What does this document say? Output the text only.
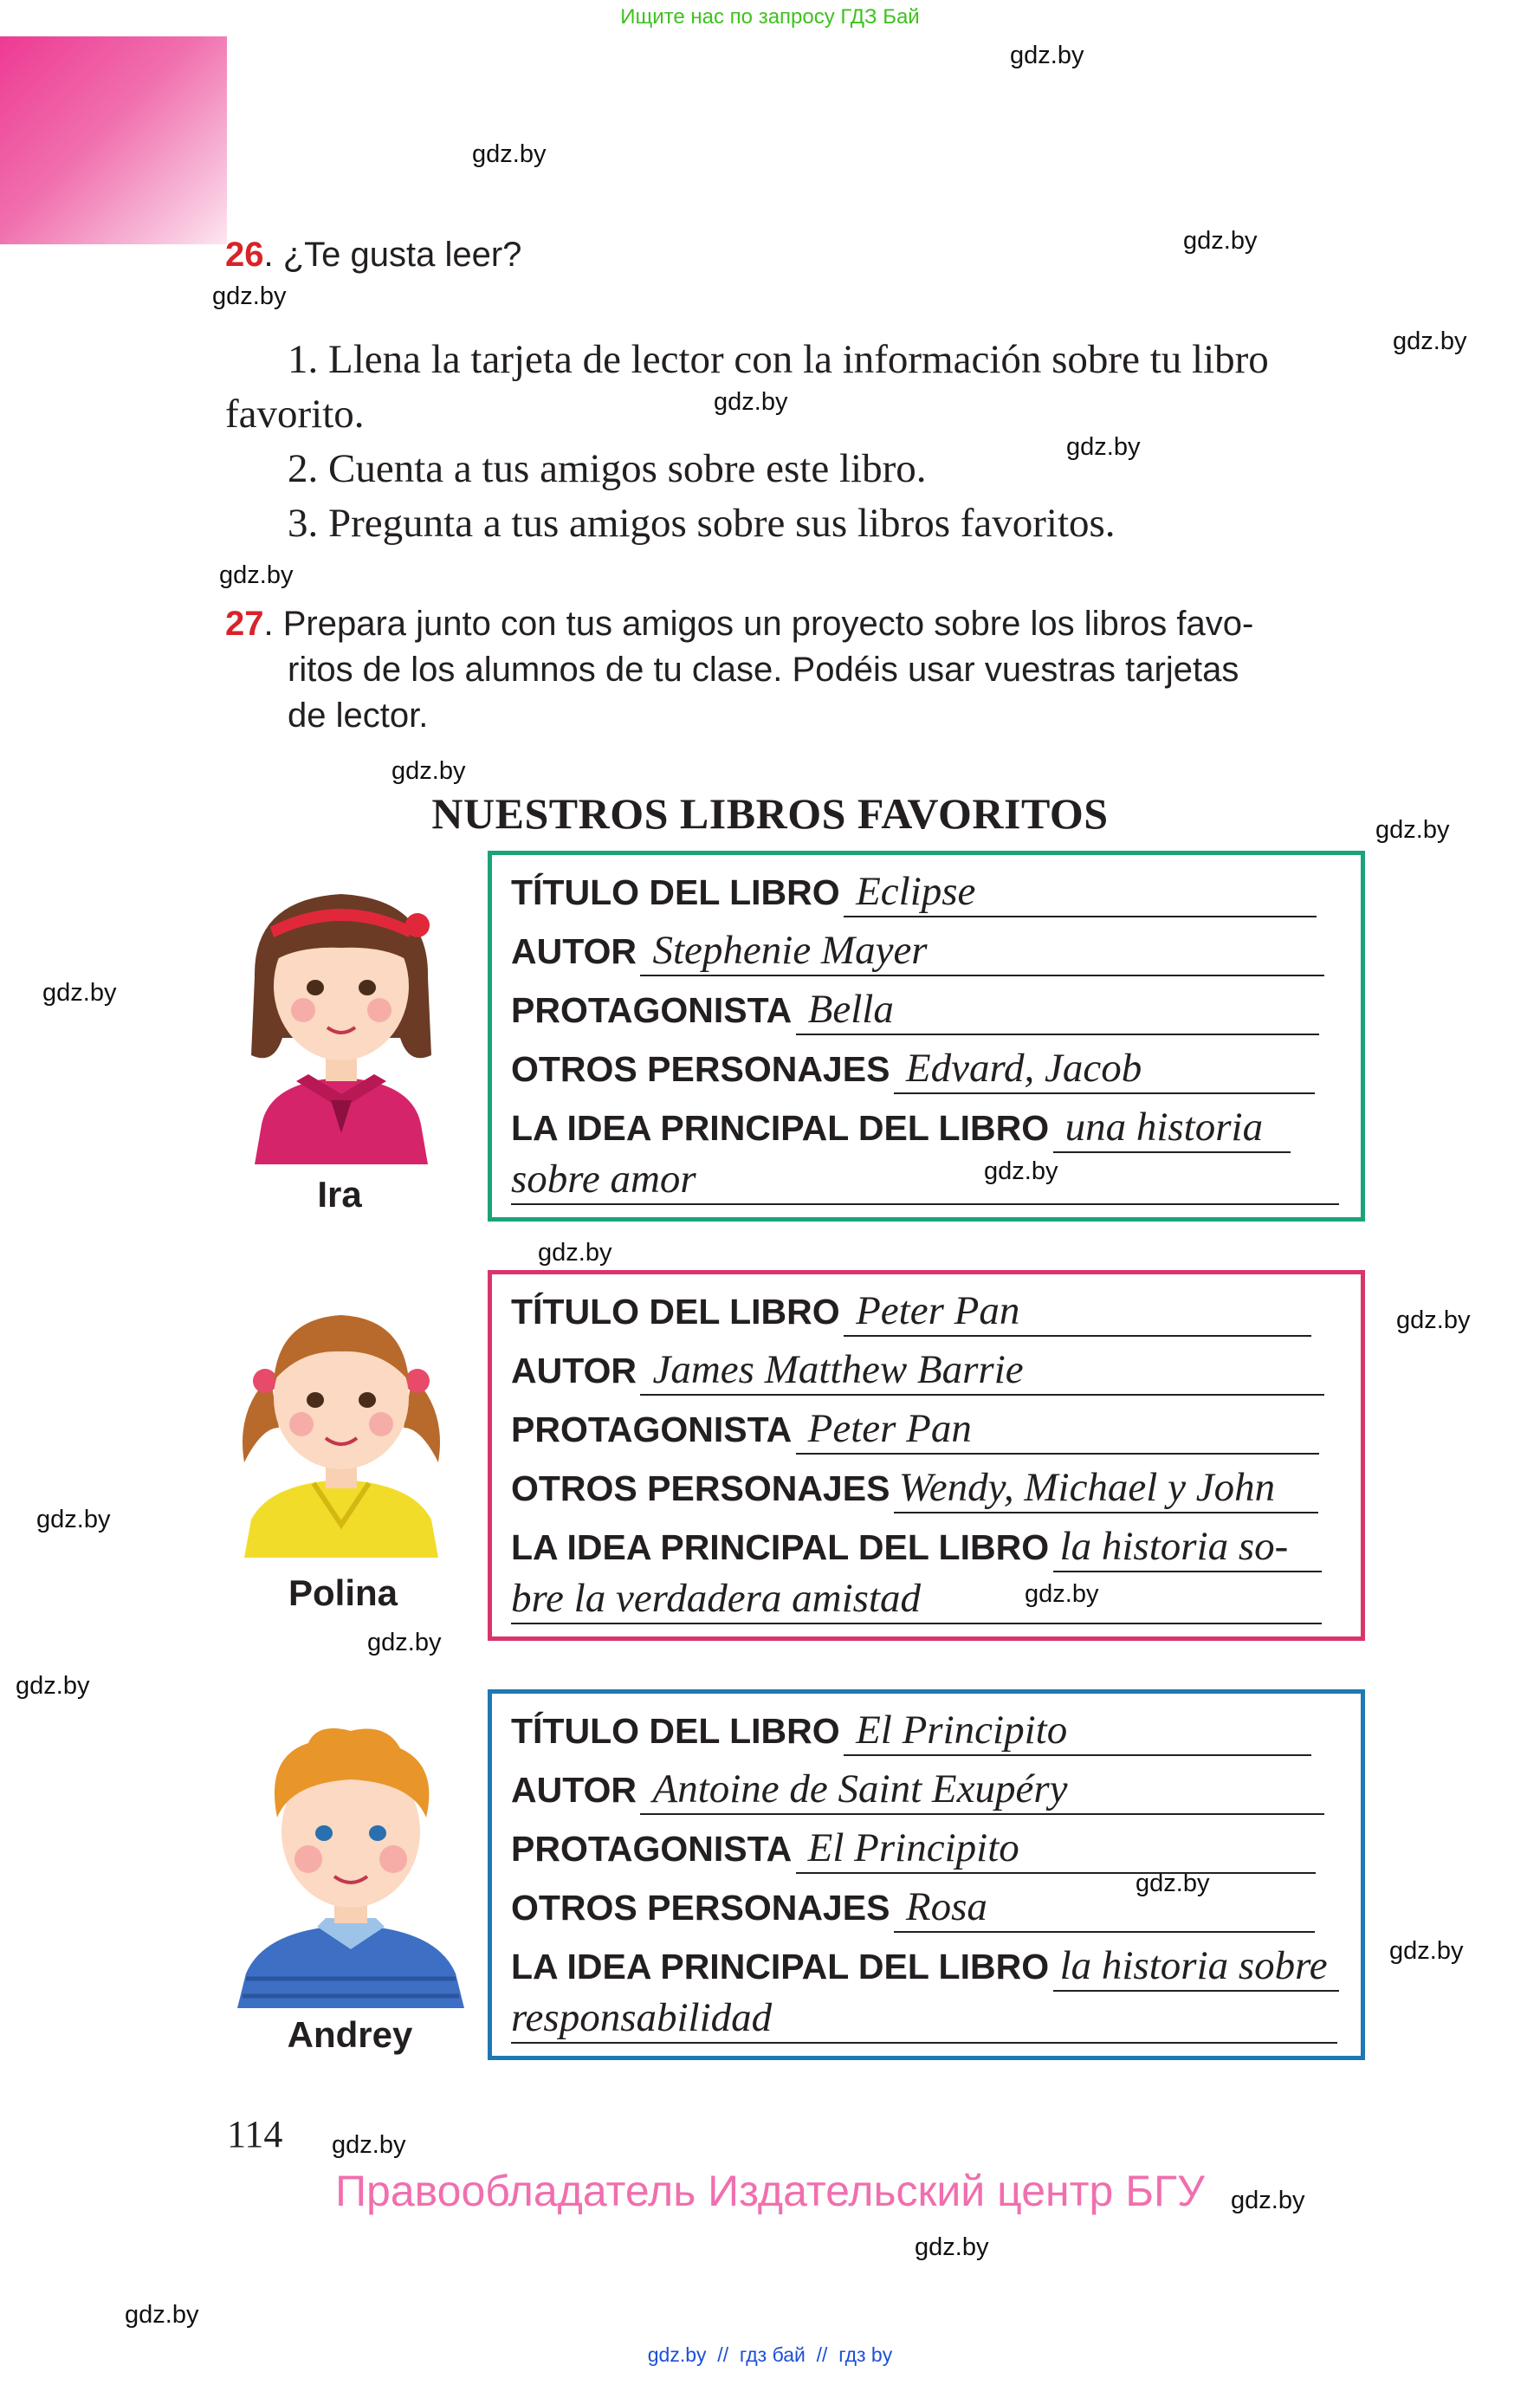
Ищите нас по запросу ГДЗ Бай
gdz.by
gdz.by
gdz.by
gdz.by
gdz.by
gdz.by
gdz.by
gdz.by
gdz.by
gdz.by
gdz.by
gdz.by
gdz.by
gdz.by
gdz.by
gdz.by
gdz.by
gdz.by
gdz.by
gdz.by
gdz.by
gdz.by
gdz.by
gdz.by
26. ¿Te gusta leer?
1. Llena la tarjeta de lector con la información sobre tu libro
favorito.
2. Cuenta a tus amigos sobre este libro.
3. Pregunta a tus amigos sobre sus libros favoritos.
27. Prepara junto con tus amigos un proyecto sobre los libros favo-
ritos de los alumnos de tu clase. Podéis usar vuestras tarjetas
de lector.
NUESTROS LIBROS FAVORITOS
Ira
Polina
Andrey
TÍTULO DEL LIBRO Eclipse
AUTOR Stephenie Mayer
PROTAGONISTA Bella
OTROS PERSONAJES Edvard, Jacob
LA IDEA PRINCIPAL DEL LIBRO una historia
sobre amor
TÍTULO DEL LIBRO Peter Pan
AUTOR James Matthew Barrie
PROTAGONISTA Peter Pan
OTROS PERSONAJES Wendy, Michael y John
LA IDEA PRINCIPAL DEL LIBRO la historia so-
bre la verdadera amistad
TÍTULO DEL LIBRO El Principito
AUTOR Antoine de Saint Exupéry
PROTAGONISTA El Principito
OTROS PERSONAJES Rosa
LA IDEA PRINCIPAL DEL LIBRO la historia sobre
responsabilidad
114
Правообладатель Издательский центр БГУ
gdz.by  //  гдз бай  //  гдз by
